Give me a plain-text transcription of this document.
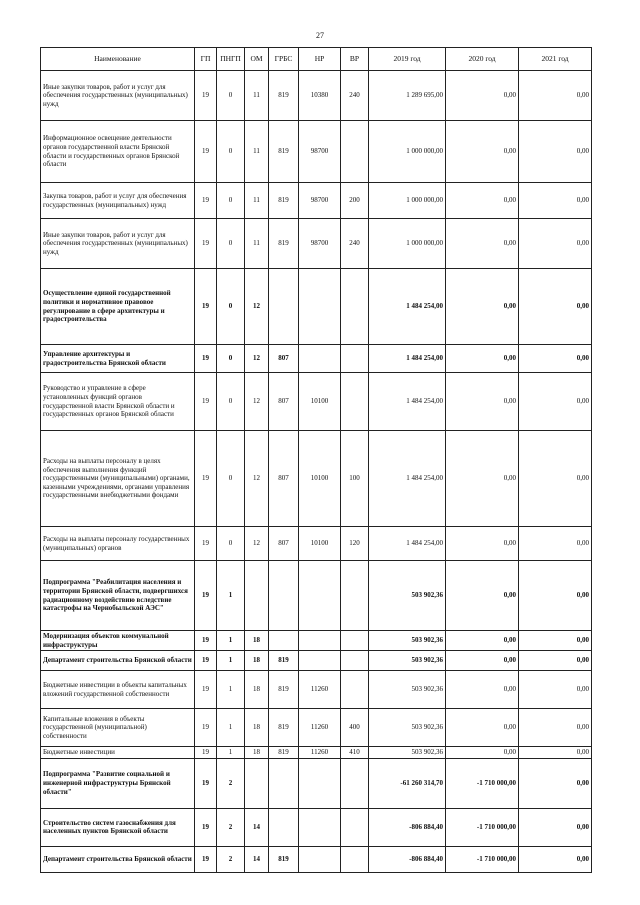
27
Наименование	ГП	ПНГП	ОМ	ГРБС	НР	ВР	2019 год	2020 год	2021 год
Иные закупки товаров, работ и услуг для обеспечения государственных (муниципальных) нужд	19	0	11	819	10380	240	1 289 695,00	0,00	0,00
Информационное освещение деятельности органов государственной власти Брянской области и государственных органов Брянской области	19	0	11	819	98700		1 000 000,00	0,00	0,00
Закупка товаров, работ и услуг для обеспечения государственных (муниципальных) нужд	19	0	11	819	98700	200	1 000 000,00	0,00	0,00
Иные закупки товаров, работ и услуг для обеспечения государственных (муниципальных) нужд	19	0	11	819	98700	240	1 000 000,00	0,00	0,00
Осуществление единой государственной политики и нормативное правовое регулирование в сфере архитектуры и градостроительства	19	0	12				1 484 254,00	0,00	0,00
Управление архитектуры и градостроительства Брянской области	19	0	12	807			1 484 254,00	0,00	0,00
Руководство и управление в сфере установленных функций органов государственной власти Брянской области и государственных органов Брянской области	19	0	12	807	10100		1 484 254,00	0,00	0,00
Расходы на выплаты персоналу в целях обеспечения выполнения функций государственными (муниципальными) органами, казенными учреждениями, органами управления государственными внебюджетными фондами	19	0	12	807	10100	100	1 484 254,00	0,00	0,00
Расходы на выплаты персоналу государственных (муниципальных) органов	19	0	12	807	10100	120	1 484 254,00	0,00	0,00
Подпрограмма "Реабилитация населения и территории Брянской области, подвергшихся радиационному воздействию вследствие катастрофы на Чернобыльской АЭС"	19	1					503 902,36	0,00	0,00
Модернизация объектов коммунальной инфраструктуры	19	1	18				503 902,36	0,00	0,00
Департамент строительства Брянской области	19	1	18	819			503 902,36	0,00	0,00
Бюджетные инвестиции в объекты капитальных вложений государственной собственности	19	1	18	819	11260		503 902,36	0,00	0,00
Капитальные вложения в объекты государственной (муниципальной) собственности	19	1	18	819	11260	400	503 902,36	0,00	0,00
Бюджетные инвестиции	19	1	18	819	11260	410	503 902,36	0,00	0,00
Подпрограмма "Развитие социальной и инженерной инфраструктуры Брянской области"	19	2					-61 260 314,70	-1 710 000,00	0,00
Строительство систем газоснабжения для населенных пунктов Брянской области	19	2	14				-806 884,40	-1 710 000,00	0,00
Департамент строительства Брянской области	19	2	14	819			-806 884,40	-1 710 000,00	0,00
